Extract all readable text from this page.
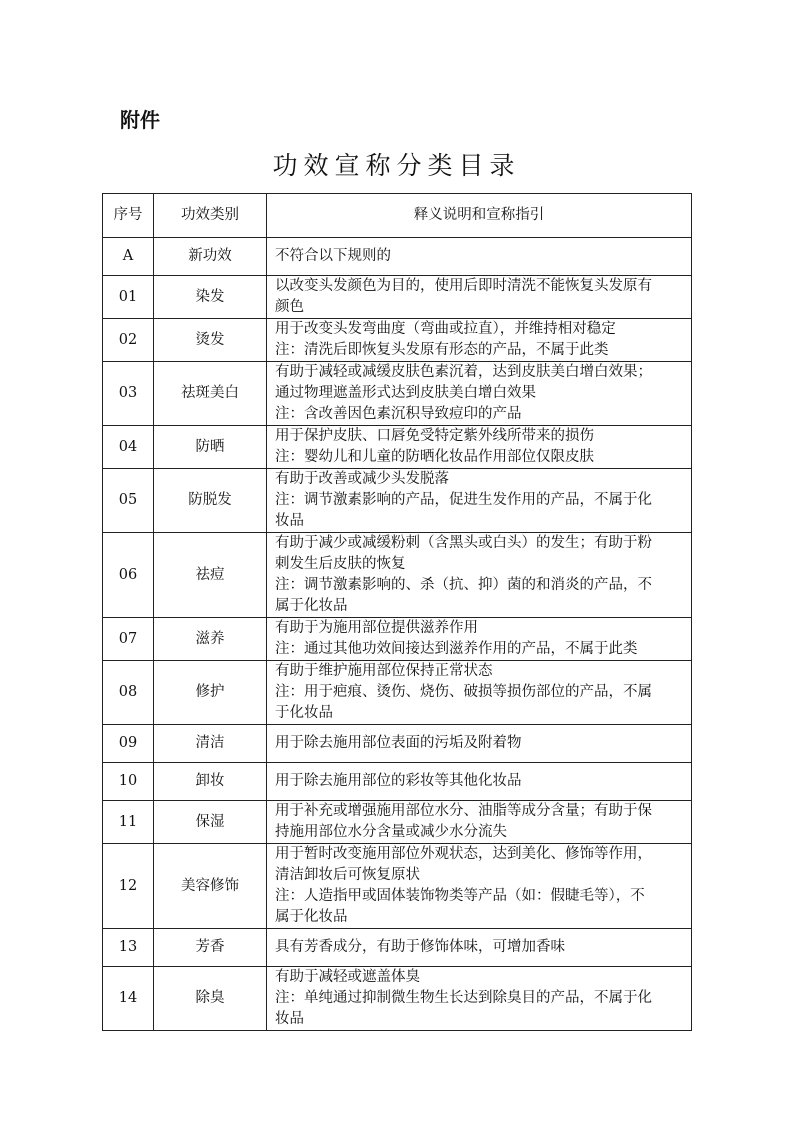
附件
功效宣称分类目录
序号	功效类别	释义说明和宣称指引
A	新功效	不符合以下规则的

01	染发	以改变头发颜色为目的，使用后即时清洗不能恢复头发原有
颜色

02	烫发	用于改变头发弯曲度（弯曲或拉直），并维持相对稳定
注：清洗后即恢复头发原有形态的产品，不属于此类

03	祛斑美白	有助于减轻或减缓皮肤色素沉着，达到皮肤美白增白效果；
通过物理遮盖形式达到皮肤美白增白效果
注：含改善因色素沉积导致痘印的产品

04	防晒	用于保护皮肤、口唇免受特定紫外线所带来的损伤
注：婴幼儿和儿童的防晒化妆品作用部位仅限皮肤

05	防脱发	有助于改善或减少头发脱落
注：调节激素影响的产品，促进生发作用的产品，不属于化
妆品

06	祛痘	有助于减少或减缓粉刺（含黑头或白头）的发生；有助于粉
刺发生后皮肤的恢复
注：调节激素影响的、杀（抗、抑）菌的和消炎的产品，不
属于化妆品

07	滋养	有助于为施用部位提供滋养作用
注：通过其他功效间接达到滋养作用的产品，不属于此类

08	修护	有助于维护施用部位保持正常状态
注：用于疤痕、烫伤、烧伤、破损等损伤部位的产品，不属
于化妆品

09	清洁	用于除去施用部位表面的污垢及附着物

10	卸妆	用于除去施用部位的彩妆等其他化妆品

11	保湿	用于补充或增强施用部位水分、油脂等成分含量；有助于保
持施用部位水分含量或减少水分流失

12	美容修饰	用于暂时改变施用部位外观状态，达到美化、修饰等作用，
清洁卸妆后可恢复原状
注：人造指甲或固体装饰物类等产品（如：假睫毛等），不
属于化妆品

13	芳香	具有芳香成分，有助于修饰体味，可增加香味

14	除臭	有助于减轻或遮盖体臭
注：单纯通过抑制微生物生长达到除臭目的产品，不属于化
妆品
